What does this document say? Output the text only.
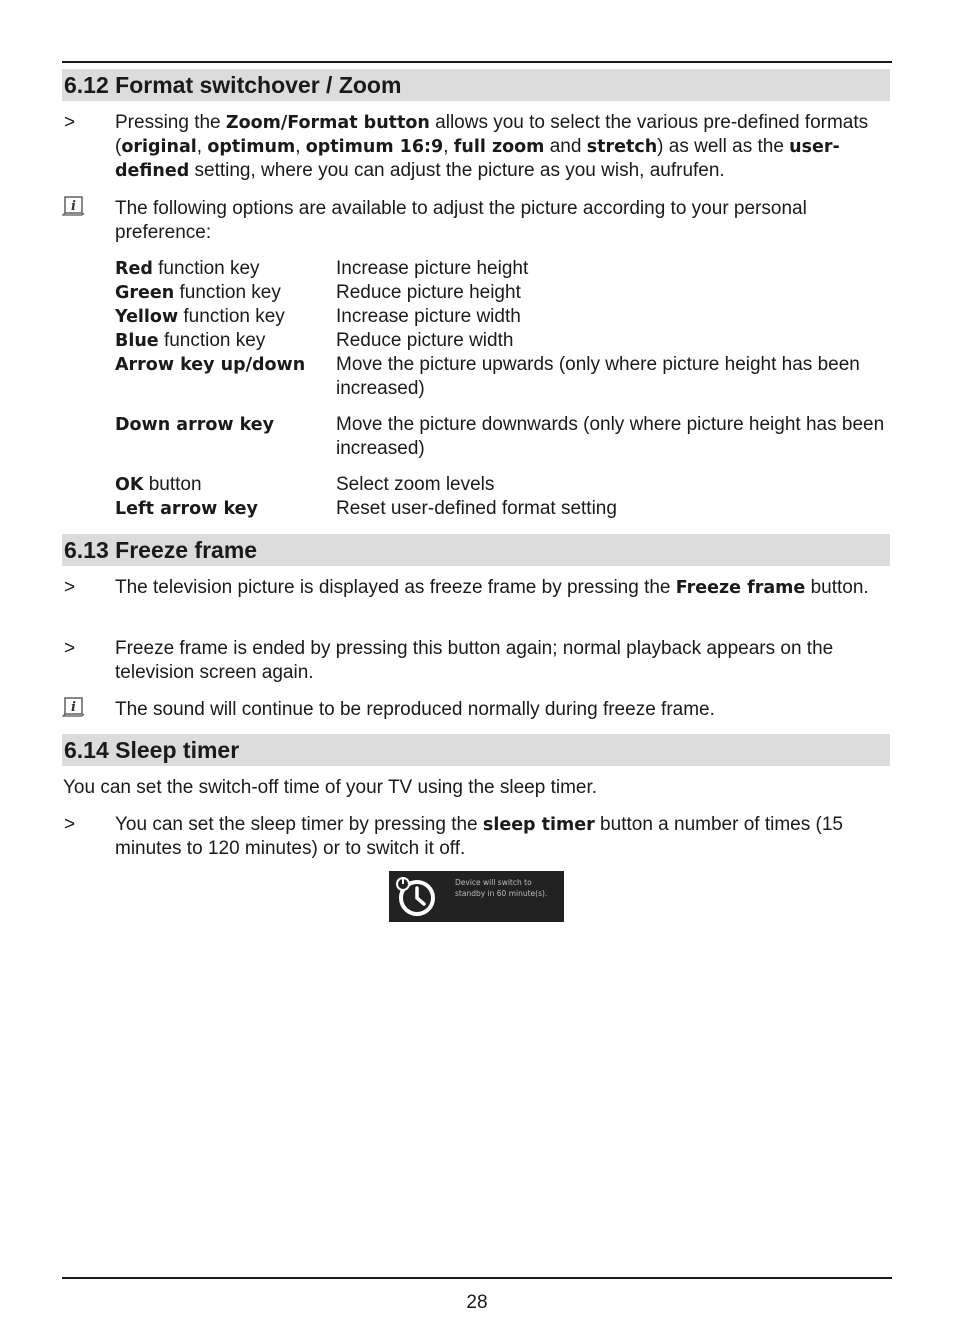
6.12 Format switchover / Zoom
> Pressing the Zoom/Format button allows you to select the various pre-defined formats (original, optimum, optimum 16:9, full zoom and stretch) as well as the user-defined setting, where you can adjust the picture as you wish, aufrufen.
i The following options are available to adjust the picture according to your personal preference:
Red function key	Increase picture height
Green function key	Reduce picture height
Yellow function key	Increase picture width
Blue function key	Reduce picture width
Arrow key up/down	Move the picture upwards (only where picture height has been increased)
Down arrow key	Move the picture downwards (only where picture height has been increased)
OK button	Select zoom levels
Left arrow key	Reset user-defined format setting
6.13 Freeze frame
> The television picture is displayed as freeze frame by pressing the Freeze frame button.
> Freeze frame is ended by pressing this button again; normal playback appears on the television screen again.
i The sound will continue to be reproduced normally during freeze frame.
6.14 Sleep timer
You can set the switch-off time of your TV using the sleep timer.
> You can set the sleep timer by pressing the sleep timer button a number of times (15 minutes to 120 minutes) or to switch it off.
Device will switch to standby in 60 minute(s).
28
